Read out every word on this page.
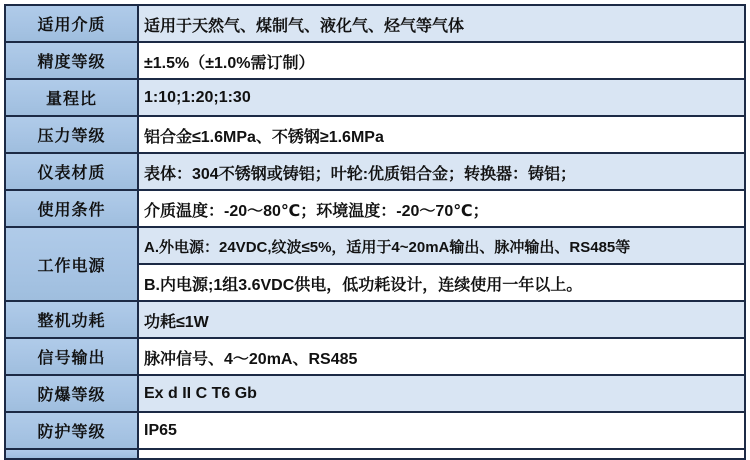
适用介质	适用于天然气、煤制气、液化气、烃气等气体
精度等级	±1.5%（±1.0%需订制）
量程比	1:10;1:20;1:30
压力等级	铝合金≤1.6MPa、不锈钢≥1.6MPa
仪表材质	表体：304不锈钢或铸铝；叶轮:优质铝合金；转换器：铸铝；
使用条件	介质温度：-20～80℃；环境温度：-20～70℃；
工作电源	A.外电源：24VDC,纹波≤5%，适用于4~20mA输出、脉冲输出、RS485等
	B.内电源;1组3.6VDC供电，低功耗设计，连续使用一年以上。
整机功耗	功耗≤1W
信号输出	脉冲信号、4～20mA、RS485
防爆等级	Ex d II C T6 Gb
防护等级	IP65
